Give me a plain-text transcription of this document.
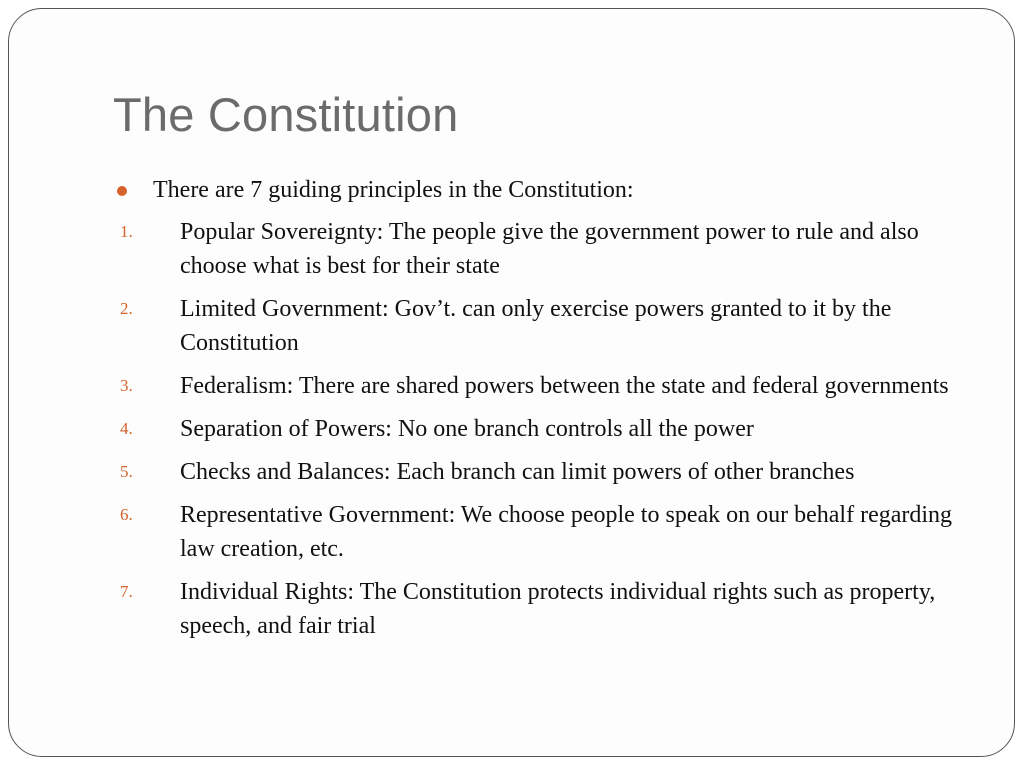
The Constitution
There are 7 guiding principles in the Constitution:
1. Popular Sovereignty: The people give the government power to rule and also choose what is best for their state
2. Limited Government: Gov’t. can only exercise powers granted to it by the Constitution
3. Federalism: There are shared powers between the state and federal governments
4. Separation of Powers: No one branch controls all the power
5. Checks and Balances: Each branch can limit powers of other branches
6. Representative Government: We choose people to speak on our behalf regarding law creation, etc.
7. Individual Rights: The Constitution protects individual rights such as property, speech, and fair trial
